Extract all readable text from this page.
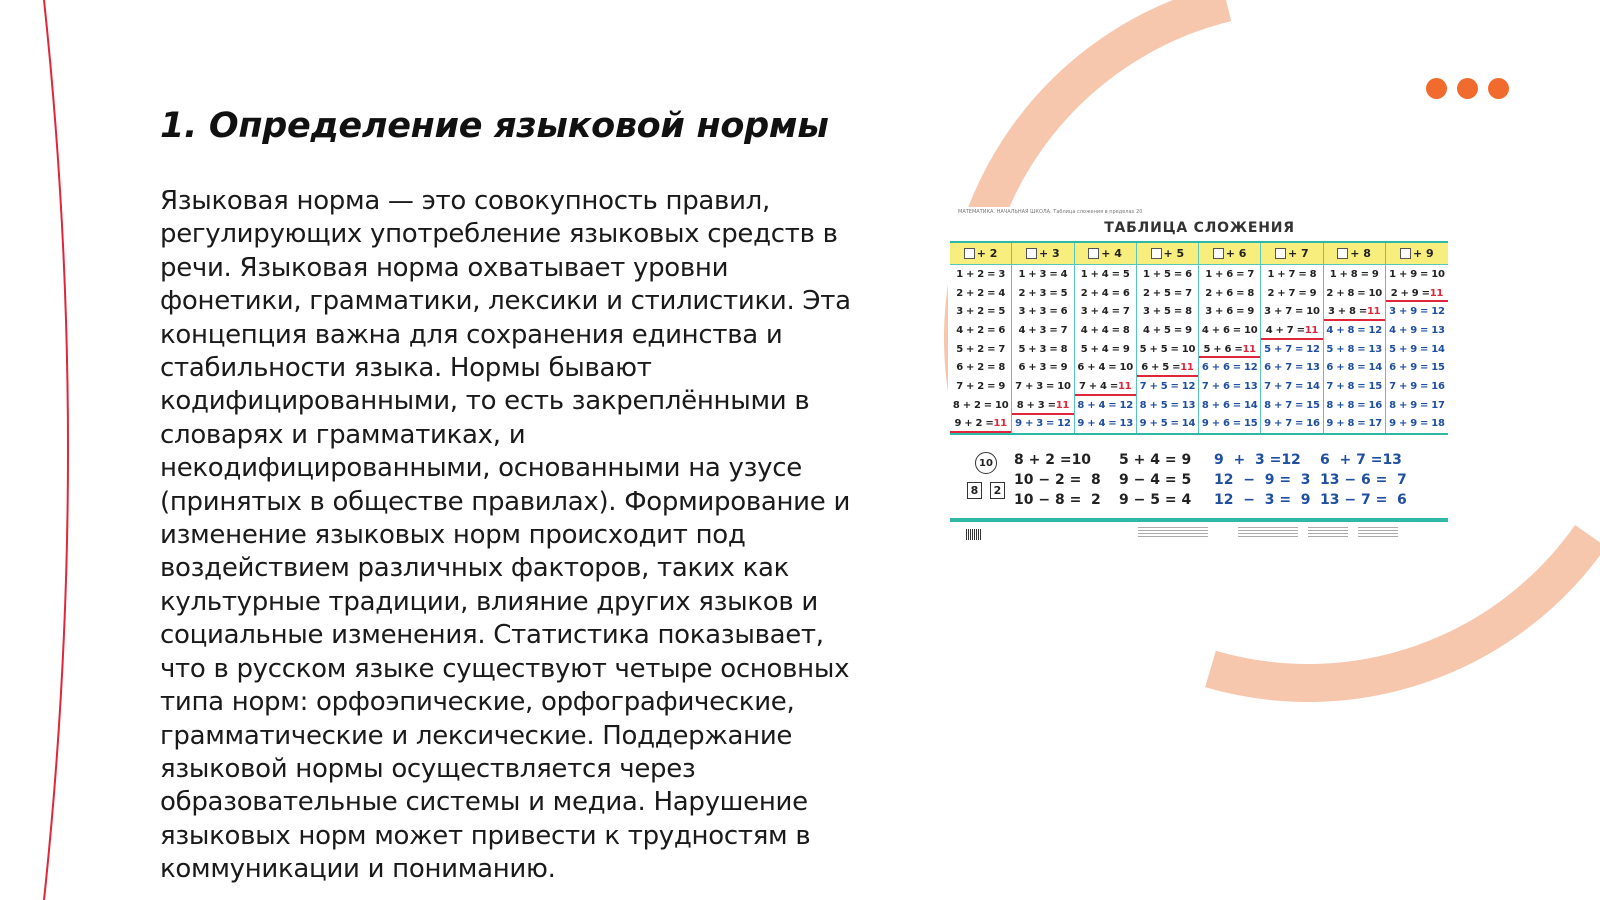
1. Определение языковой нормы

Языковая норма — это совокупность правил, регулирующих употребление языковых средств в речи. Языковая норма охватывает уровни фонетики, грамматики, лексики и стилистики. Эта концепция важна для сохранения единства и стабильности языка. Нормы бывают кодифицированными, то есть закреплёнными в словарях и грамматиках, и некодифицированными, основанными на узусе (принятых в обществе правилах). Формирование и изменение языковых норм происходит под воздействием различных факторов, таких как культурные традиции, влияние других языков и социальные изменения. Статистика показывает, что в русском языке существуют четыре основных типа норм: орфоэпические, орфографические, грамматические и лексические. Поддержание языковой нормы осуществляется через образовательные системы и медиа. Нарушение языковых норм может привести к трудностям в коммуникации и пониманию.

МАТЕМАТИКА. НАЧАЛЬНАЯ ШКОЛА. Таблица сложения в пределах 20
ТАБЛИЦА СЛОЖЕНИЯ
+ 2
1 + 2 = 3
2 + 2 = 4
3 + 2 = 5
4 + 2 = 6
5 + 2 = 7
6 + 2 = 8
7 + 2 = 9
8 + 2 = 10
9 + 2 = 11
+ 3
1 + 3 = 4
2 + 3 = 5
3 + 3 = 6
4 + 3 = 7
5 + 3 = 8
6 + 3 = 9
7 + 3 = 10
8 + 3 = 11
9 + 3 = 12
+ 4
1 + 4 = 5
2 + 4 = 6
3 + 4 = 7
4 + 4 = 8
5 + 4 = 9
6 + 4 = 10
7 + 4 = 11
8 + 4 = 12
9 + 4 = 13
+ 5
1 + 5 = 6
2 + 5 = 7
3 + 5 = 8
4 + 5 = 9
5 + 5 = 10
6 + 5 = 11
7 + 5 = 12
8 + 5 = 13
9 + 5 = 14
+ 6
1 + 6 = 7
2 + 6 = 8
3 + 6 = 9
4 + 6 = 10
5 + 6 = 11
6 + 6 = 12
7 + 6 = 13
8 + 6 = 14
9 + 6 = 15
+ 7
1 + 7 = 8
2 + 7 = 9
3 + 7 = 10
4 + 7 = 11
5 + 7 = 12
6 + 7 = 13
7 + 7 = 14
8 + 7 = 15
9 + 7 = 16
+ 8
1 + 8 = 9
2 + 8 = 10
3 + 8 = 11
4 + 8 = 12
5 + 8 = 13
6 + 8 = 14
7 + 8 = 15
8 + 8 = 16
9 + 8 = 17
+ 9
1 + 9 = 10
2 + 9 = 11
3 + 9 = 12
4 + 9 = 13
5 + 9 = 14
6 + 9 = 15
7 + 9 = 16
8 + 9 = 17
9 + 9 = 18
10
8	2
8 + 2 =10
10 − 2 =  8
10 − 8 =  2
5 + 4 = 9
9 − 4 = 5
9 − 5 = 4
9  +  3 =12
12  −  9 =  3
12  −  3 =  9
6  + 7 =13
13 − 6 =  7
13 − 7 =  6
